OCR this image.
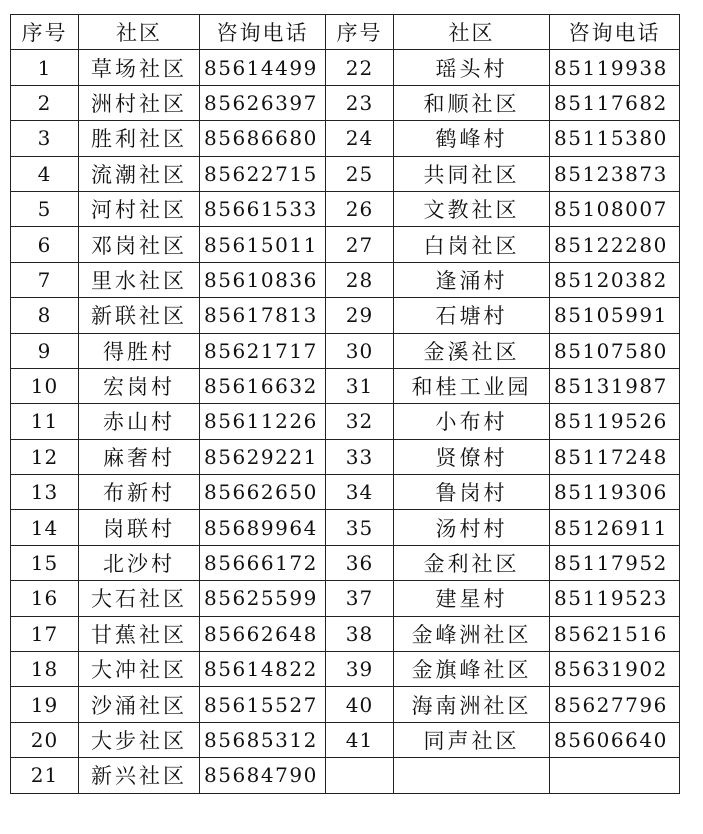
序号	社区	咨询电话	序号	社区	咨询电话
1	草场社区	85614499	22	瑶头村	85119938
2	洲村社区	85626397	23	和顺社区	85117682
3	胜利社区	85686680	24	鹤峰村	85115380
4	流潮社区	85622715	25	共同社区	85123873
5	河村社区	85661533	26	文教社区	85108007
6	邓岗社区	85615011	27	白岗社区	85122280
7	里水社区	85610836	28	逢涌村	85120382
8	新联社区	85617813	29	石塘村	85105991
9	得胜村	85621717	30	金溪社区	85107580
10	宏岗村	85616632	31	和桂工业园	85131987
11	赤山村	85611226	32	小布村	85119526
12	麻奢村	85629221	33	贤僚村	85117248
13	布新村	85662650	34	鲁岗村	85119306
14	岗联村	85689964	35	汤村村	85126911
15	北沙村	85666172	36	金利社区	85117952
16	大石社区	85625599	37	建星村	85119523
17	甘蕉社区	85662648	38	金峰洲社区	85621516
18	大冲社区	85614822	39	金旗峰社区	85631902
19	沙涌社区	85615527	40	海南洲社区	85627796
20	大步社区	85685312	41	同声社区	85606640
21	新兴社区	85684790			
